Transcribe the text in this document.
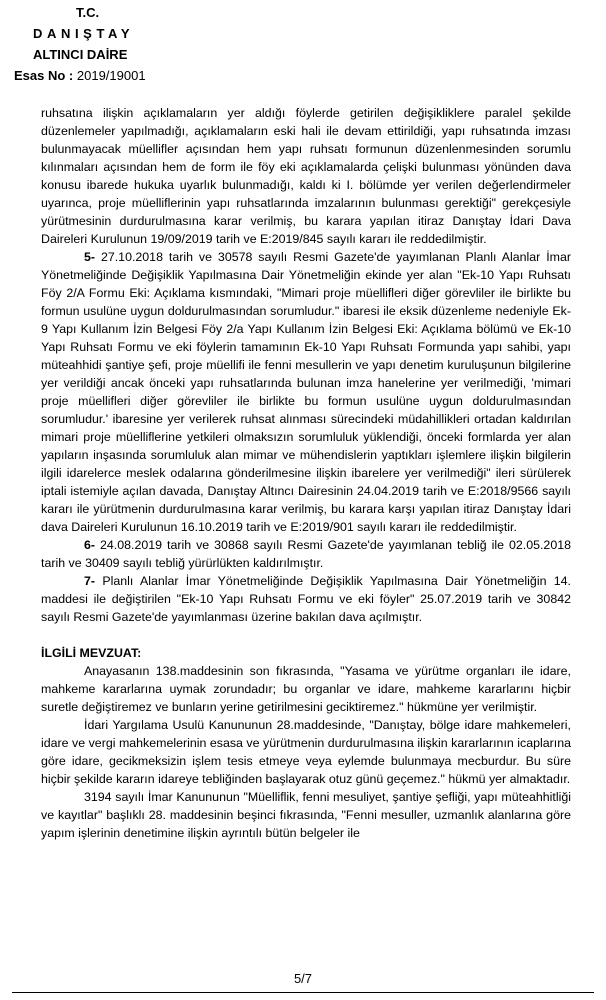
T.C.
DANIŞTAY
ALTINCI DAİRE
Esas No : 2019/19001

ruhsatına ilişkin açıklamaların yer aldığı föylerde getirilen değişikliklere paralel şekilde düzenlemeler yapılmadığı, açıklamaların eski hali ile devam ettirildiği, yapı ruhsatında imzası bulunmayacak müellifler açısından hem yapı ruhsatı formunun düzenlenmesinden sorumlu kılınmaları açısından hem de form ile föy eki açıklamalarda çelişki bulunması yönünden dava konusu ibarede hukuka uyarlık bulunmadığı, kaldı ki I. bölümde yer verilen değerlendirmeler uyarınca, proje müelliflerinin yapı ruhsatlarında imzalarının bulunması gerektiği" gerekçesiyle yürütmesinin durdurulmasına karar verilmiş, bu karara yapılan itiraz Danıştay İdari Dava Daireleri Kurulunun 19/09/2019 tarih ve E:2019/845 sayılı kararı ile reddedilmiştir.

5- 27.10.2018 tarih ve 30578 sayılı Resmi Gazete'de yayımlanan Planlı Alanlar İmar Yönetmeliğinde Değişiklik Yapılmasına Dair Yönetmeliğin ekinde yer alan "Ek-10 Yapı Ruhsatı Föy 2/A Formu Eki: Açıklama kısmındaki, "Mimari proje müellifleri diğer görevliler ile birlikte bu formun usulüne uygun doldurulmasından sorumludur." ibaresi ile eksik düzenleme nedeniyle Ek-9 Yapı Kullanım İzin Belgesi Föy 2/a Yapı Kullanım İzin Belgesi Eki: Açıklama bölümü ve Ek-10 Yapı Ruhsatı Formu ve eki föylerin tamamının Ek-10 Yapı Ruhsatı Formunda yapı sahibi, yapı müteahhidi şantiye şefi, proje müellifi ile fenni mesullerin ve yapı denetim kuruluşunun bilgilerine yer verildiği ancak önceki yapı ruhsatlarında bulunan imza hanelerine yer verilmediği, 'mimari proje müellifleri diğer görevliler ile birlikte bu formun usulüne uygun doldurulmasından sorumludur.' ibaresine yer verilerek ruhsat alınması sürecindeki müdahillikleri ortadan kaldırılan mimari proje müelliflerine yetkileri olmaksızın sorumluluk yüklendiği, önceki formlarda yer alan yapıların inşasında sorumluluk alan mimar ve mühendislerin yaptıkları işlemlere ilişkin bilgilerin ilgili idarelerce meslek odalarına gönderilmesine ilişkin ibarelere yer verilmediği" ileri sürülerek iptali istemiyle açılan davada, Danıştay Altıncı Dairesinin 24.04.2019 tarih ve E:2018/9566 sayılı kararı ile yürütmenin durdurulmasına karar verilmiş, bu karara karşı yapılan itiraz Danıştay İdari dava Daireleri Kurulunun 16.10.2019 tarih ve E:2019/901 sayılı kararı ile reddedilmiştir.

6- 24.08.2019 tarih ve 30868 sayılı Resmi Gazete'de yayımlanan tebliğ ile 02.05.2018 tarih ve 30409 sayılı tebliğ yürürlükten kaldırılmıştır.

7- Planlı Alanlar İmar Yönetmeliğinde Değişiklik Yapılmasına Dair Yönetmeliğin 14. maddesi ile değiştirilen "Ek-10 Yapı Ruhsatı Formu ve eki föyler" 25.07.2019 tarih ve 30842 sayılı Resmi Gazete'de yayımlanması üzerine bakılan dava açılmıştır.

İLGİLİ MEVZUAT:

Anayasanın 138.maddesinin son fıkrasında, "Yasama ve yürütme organları ile idare, mahkeme kararlarına uymak zorundadır; bu organlar ve idare, mahkeme kararlarını hiçbir suretle değiştiremez ve bunların yerine getirilmesini geciktiremez." hükmüne yer verilmiştir.

İdari Yargılama Usulü Kanununun 28.maddesinde, "Danıştay, bölge idare mahkemeleri, idare ve vergi mahkemelerinin esasa ve yürütmenin durdurulmasına ilişkin kararlarının icaplarına göre idare, gecikmeksizin işlem tesis etmeye veya eylemde bulunmaya mecburdur. Bu süre hiçbir şekilde kararın idareye tebliğinden başlayarak otuz günü geçemez." hükmü yer almaktadır.

3194 sayılı İmar Kanununun "Müelliflik, fenni mesuliyet, şantiye şefliği, yapı müteahhitliği ve kayıtlar" başlıklı 28. maddesinin beşinci fıkrasında, "Fenni mesuller, uzmanlık alanlarına göre yapım işlerinin denetimine ilişkin ayrıntılı bütün belgeler ile

5/7
